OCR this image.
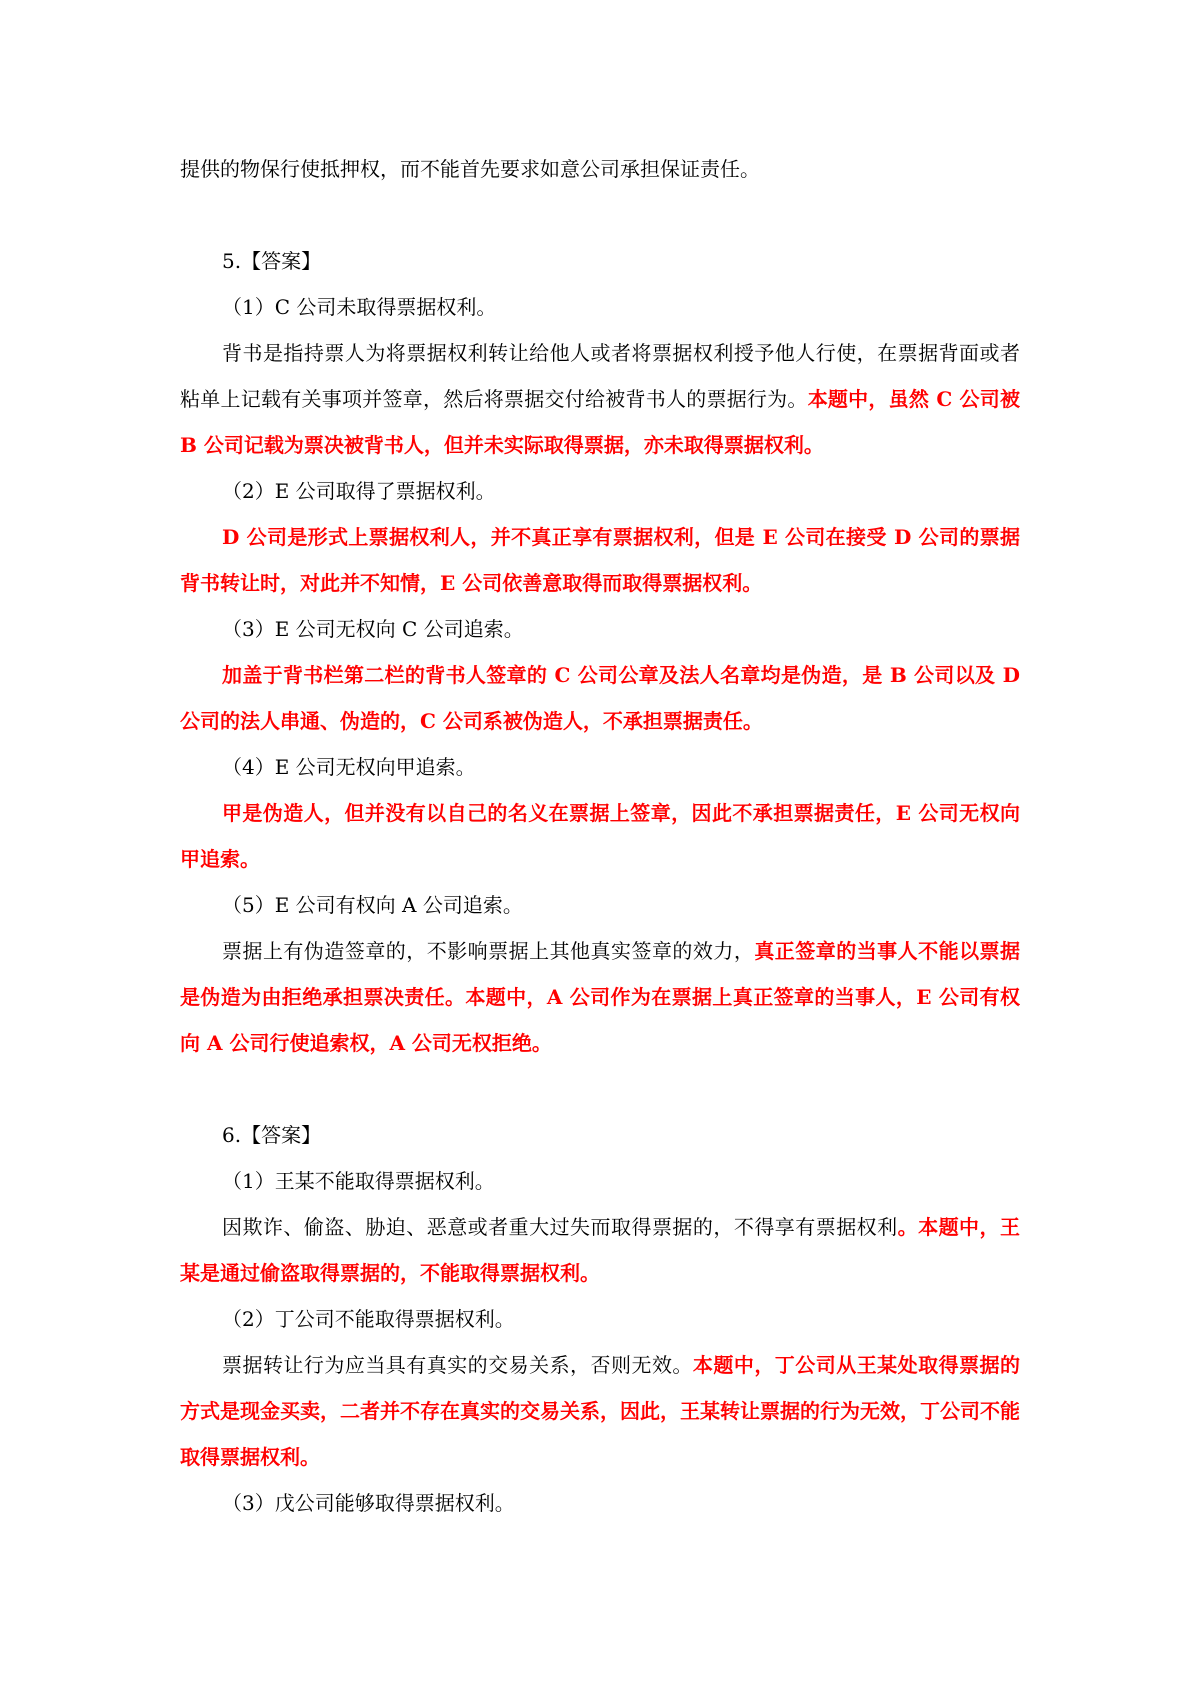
提供的物保行使抵押权，而不能首先要求如意公司承担保证责任。

5.【答案】

（1）C 公司未取得票据权利。

背书是指持票人为将票据权利转让给他人或者将票据权利授予他人行使，在票据背面或者粘单上记载有关事项并签章，然后将票据交付给被背书人的票据行为。本题中，虽然 C 公司被 B 公司记载为票决被背书人，但并未实际取得票据，亦未取得票据权利。

（2）E 公司取得了票据权利。

D 公司是形式上票据权利人，并不真正享有票据权利，但是 E 公司在接受 D 公司的票据背书转让时，对此并不知情，E 公司依善意取得而取得票据权利。

（3）E 公司无权向 C 公司追索。

加盖于背书栏第二栏的背书人签章的 C 公司公章及法人名章均是伪造，是 B 公司以及 D 公司的法人串通、伪造的，C 公司系被伪造人，不承担票据责任。

（4）E 公司无权向甲追索。

甲是伪造人，但并没有以自己的名义在票据上签章，因此不承担票据责任，E 公司无权向甲追索。

（5）E 公司有权向 A 公司追索。

票据上有伪造签章的，不影响票据上其他真实签章的效力，真正签章的当事人不能以票据是伪造为由拒绝承担票决责任。本题中，A 公司作为在票据上真正签章的当事人，E 公司有权向 A 公司行使追索权，A 公司无权拒绝。

6.【答案】

（1）王某不能取得票据权利。

因欺诈、偷盗、胁迫、恶意或者重大过失而取得票据的，不得享有票据权利。本题中，王某是通过偷盗取得票据的，不能取得票据权利。

（2）丁公司不能取得票据权利。

票据转让行为应当具有真实的交易关系，否则无效。本题中，丁公司从王某处取得票据的方式是现金买卖，二者并不存在真实的交易关系，因此，王某转让票据的行为无效，丁公司不能取得票据权利。

（3）戊公司能够取得票据权利。
